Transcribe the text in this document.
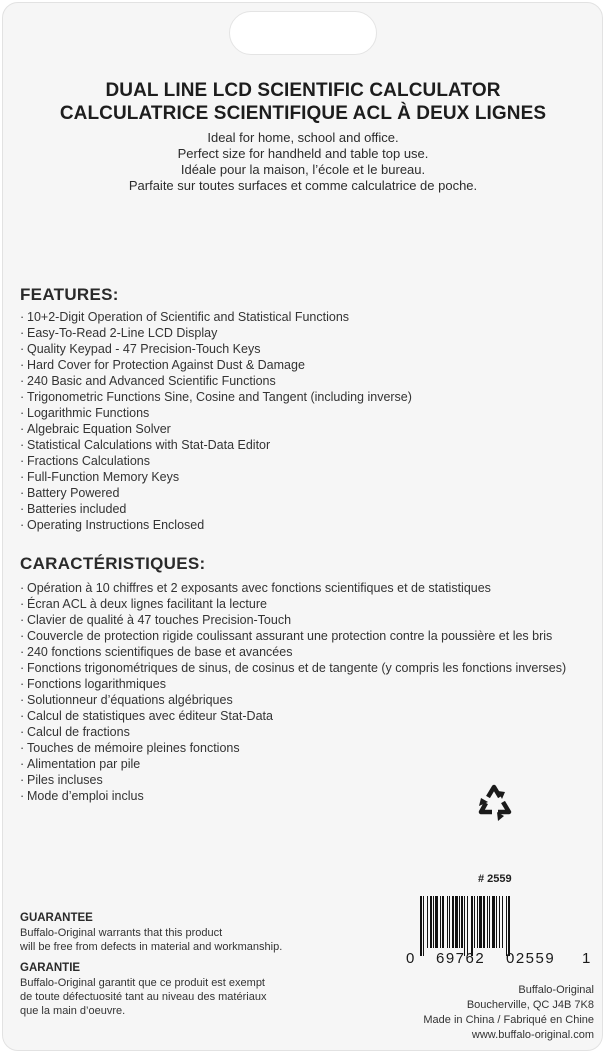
DUAL LINE LCD SCIENTIFIC CALCULATOR
CALCULATRICE SCIENTIFIQUE ACL À DEUX LIGNES
Ideal for home, school and office.
Perfect size for handheld and table top use.
Idéale pour la maison, l’école et le bureau.
Parfaite sur toutes surfaces et comme calculatrice de poche.
FEATURES:
· 10+2-Digit Operation of Scientific and Statistical Functions
· Easy-To-Read 2-Line LCD Display
· Quality Keypad - 47 Precision-Touch Keys
· Hard Cover for Protection Against Dust & Damage
· 240 Basic and Advanced Scientific Functions
· Trigonometric Functions Sine, Cosine and Tangent (including inverse)
· Logarithmic Functions
· Algebraic Equation Solver
· Statistical Calculations with Stat-Data Editor
· Fractions Calculations
· Full-Function Memory Keys
· Battery Powered
· Batteries included
· Operating Instructions Enclosed
CARACTÉRISTIQUES:
· Opération à 10 chiffres et 2 exposants avec fonctions scientifiques et de statistiques
· Écran ACL à deux lignes facilitant la lecture
· Clavier de qualité à 47 touches Precision-Touch
· Couvercle de protection rigide coulissant assurant une protection contre la poussière et les bris
· 240 fonctions scientifiques de base et avancées
· Fonctions trigonométriques de sinus, de cosinus et de tangente (y compris les fonctions inverses)
· Fonctions logarithmiques
· Solutionneur d’équations algébriques
· Calcul de statistiques avec éditeur Stat-Data
· Calcul de fractions
· Touches de mémoire pleines fonctions
· Alimentation par pile
· Piles incluses
· Mode d’emploi inclus
# 2559
0 69762 02559 1
GUARANTEE
Buffalo-Original warrants that this product
will be free from defects in material and workmanship.
GARANTIE
Buffalo-Original garantit que ce produit est exempt
de toute défectuosité tant au niveau des matériaux
que la main d’oeuvre.
Buffalo-Original
Boucherville, QC J4B 7K8
Made in China / Fabriqué en Chine
www.buffalo-original.com
